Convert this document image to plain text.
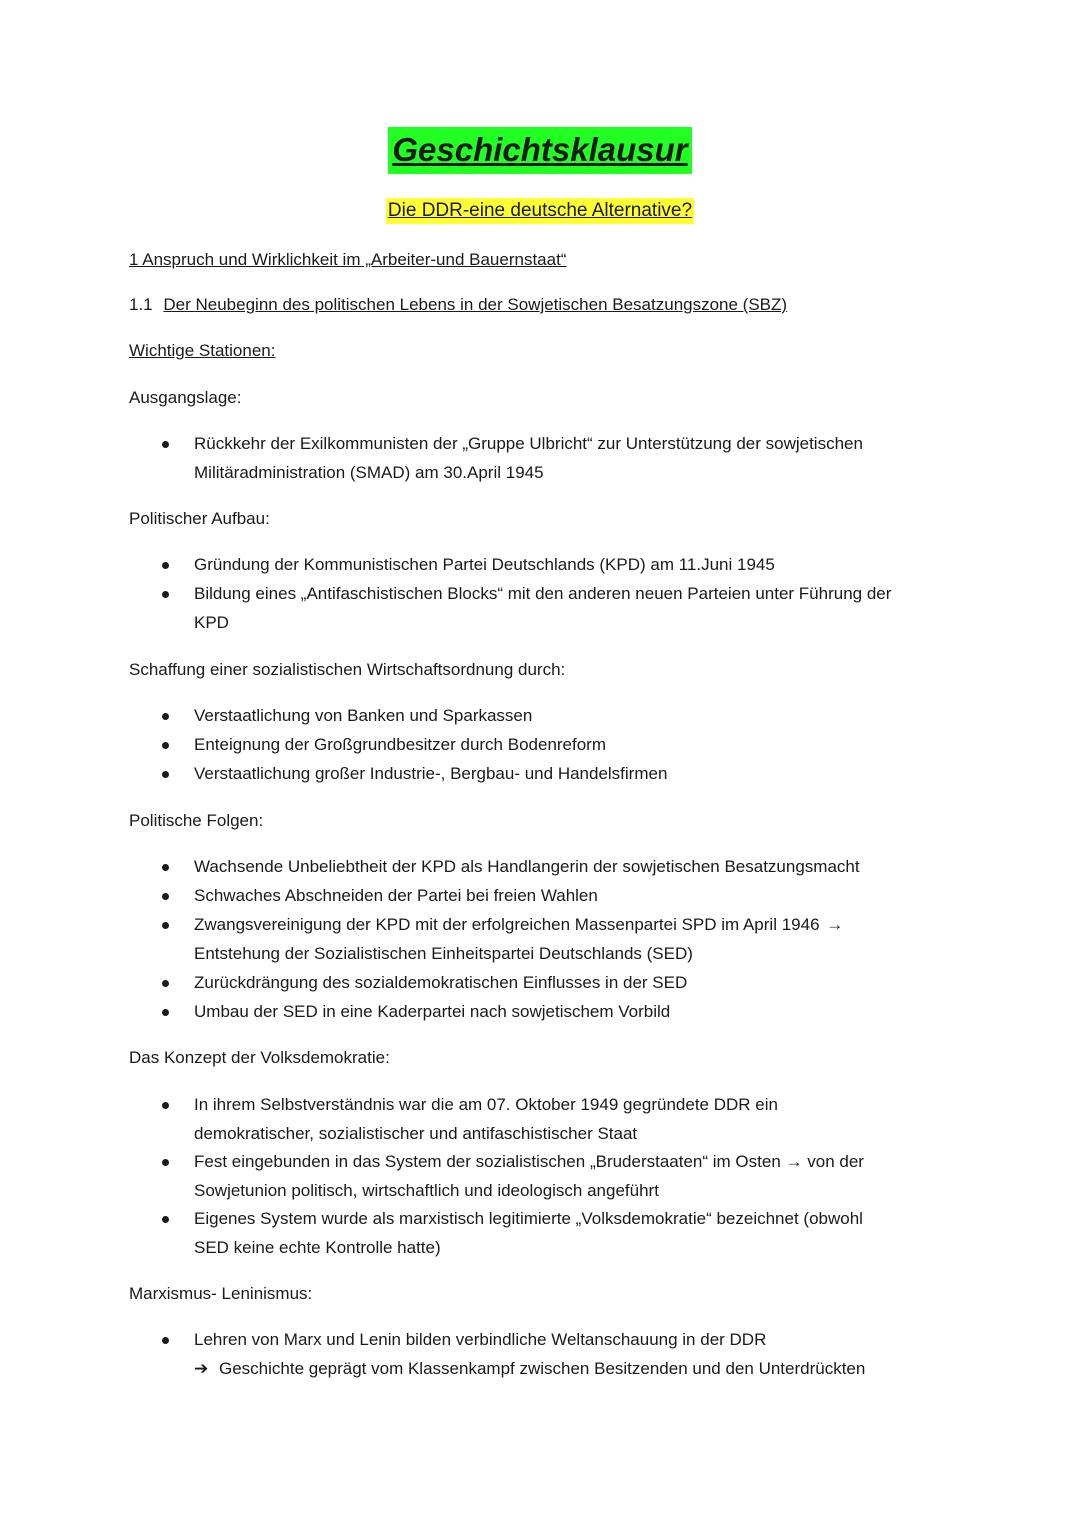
Geschichtsklausur
Die DDR-eine deutsche Alternative?
1 Anspruch und Wirklichkeit im „Arbeiter-und Bauernstaat“
1.1 Der Neubeginn des politischen Lebens in der Sowjetischen Besatzungszone (SBZ)
Wichtige Stationen:
Ausgangslage:
Rückkehr der Exilkommunisten der „Gruppe Ulbricht“ zur Unterstützung der sowjetischen
Militäradministration (SMAD) am 30.April 1945
Politischer Aufbau:
Gründung der Kommunistischen Partei Deutschlands (KPD) am 11.Juni 1945
Bildung eines „Antifaschistischen Blocks“ mit den anderen neuen Parteien unter Führung der
KPD
Schaffung einer sozialistischen Wirtschaftsordnung durch:
Verstaatlichung von Banken und Sparkassen
Enteignung der Großgrundbesitzer durch Bodenreform
Verstaatlichung großer Industrie-, Bergbau- und Handelsfirmen
Politische Folgen:
Wachsende Unbeliebtheit der KPD als Handlangerin der sowjetischen Besatzungsmacht
Schwaches Abschneiden der Partei bei freien Wahlen
Zwangsvereinigung der KPD mit der erfolgreichen Massenpartei SPD im April 1946 →
Entstehung der Sozialistischen Einheitspartei Deutschlands (SED)
Zurückdrängung des sozialdemokratischen Einflusses in der SED
Umbau der SED in eine Kaderpartei nach sowjetischem Vorbild
Das Konzept der Volksdemokratie:
In ihrem Selbstverständnis war die am 07. Oktober 1949 gegründete DDR ein
demokratischer, sozialistischer und antifaschistischer Staat
Fest eingebunden in das System der sozialistischen „Bruderstaaten“ im Osten → von der
Sowjetunion politisch, wirtschaftlich und ideologisch angeführt
Eigenes System wurde als marxistisch legitimierte „Volksdemokratie“ bezeichnet (obwohl
SED keine echte Kontrolle hatte)
Marxismus- Leninismus:
Lehren von Marx und Lenin bilden verbindliche Weltanschauung in der DDR
➔ Geschichte geprägt vom Klassenkampf zwischen Besitzenden und den Unterdrückten
